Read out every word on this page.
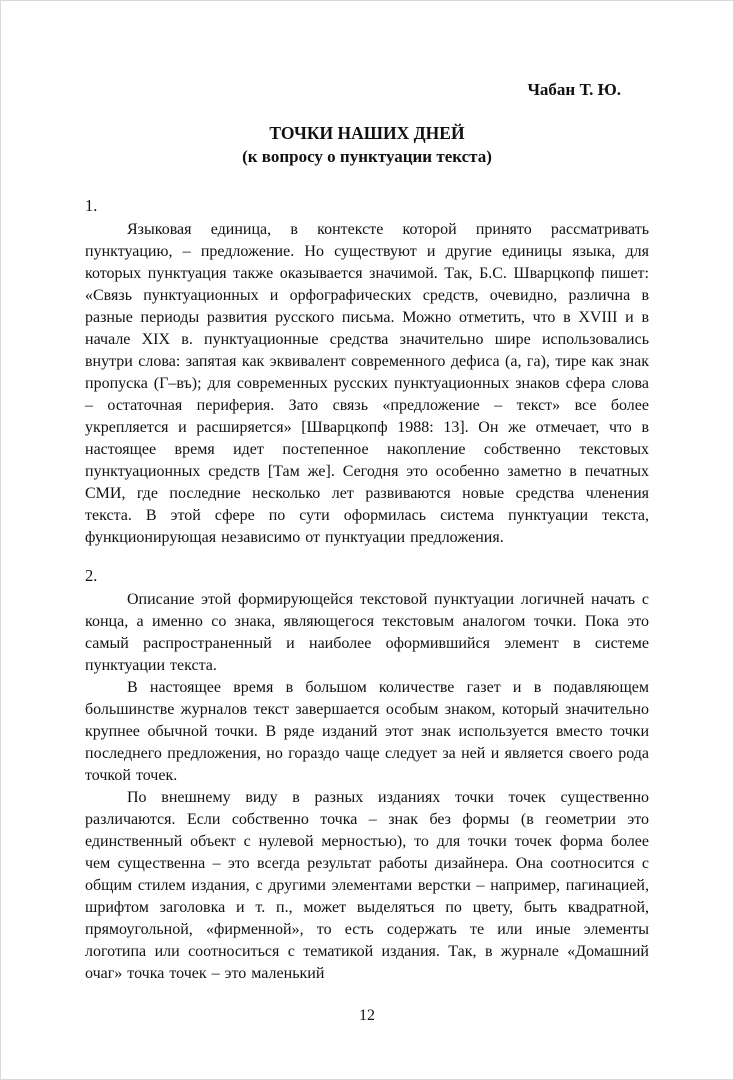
Чабан Т. Ю.
ТОЧКИ НАШИХ ДНЕЙ
(к вопросу о пунктуации текста)
1.

Языковая единица, в контексте которой принято рассматривать пунктуацию, – предложение. Но существуют и другие единицы языка, для которых пунктуация также оказывается значимой. Так, Б.С. Шварцкопф пишет: «Связь пунктуационных и орфографических средств, очевидно, различна в разные периоды развития русского письма. Можно отметить, что в XVIII и в начале XIX в. пунктуационные средства значительно шире использовались внутри слова: запятая как эквивалент современного дефиса (а, га), тире как знак пропуска (Г–въ); для современных русских пунктуационных знаков сфера слова – остаточная периферия. Зато связь «предложение – текст» все более укрепляется и расширяется» [Шварцкопф 1988: 13]. Он же отмечает, что в настоящее время идет постепенное накопление собственно текстовых пунктуационных средств [Там же]. Сегодня это особенно заметно в печатных СМИ, где последние несколько лет развиваются новые средства членения текста. В этой сфере по сути оформилась система пунктуации текста, функционирующая независимо от пунктуации предложения.

2.

Описание этой формирующейся текстовой пунктуации логичней начать с конца, а именно со знака, являющегося текстовым аналогом точки. Пока это самый распространенный и наиболее оформившийся элемент в системе пунктуации текста.

В настоящее время в большом количестве газет и в подавляющем большинстве журналов текст завершается особым знаком, который значительно крупнее обычной точки. В ряде изданий этот знак используется вместо точки последнего предложения, но гораздо чаще следует за ней и является своего рода точкой точек.

По внешнему виду в разных изданиях точки точек существенно различаются. Если собственно точка – знак без формы (в геометрии это единственный объект с нулевой мерностью), то для точки точек форма более чем существенна – это всегда результат работы дизайнера. Она соотносится с общим стилем издания, с другими элементами верстки – например, пагинацией, шрифтом заголовка и т. п., может выделяться по цвету, быть квадратной, прямоугольной, «фирменной», то есть содержать те или иные элементы логотипа или соотноситься с тематикой издания. Так, в журнале «Домашний очаг» точка точек – это маленький

12
